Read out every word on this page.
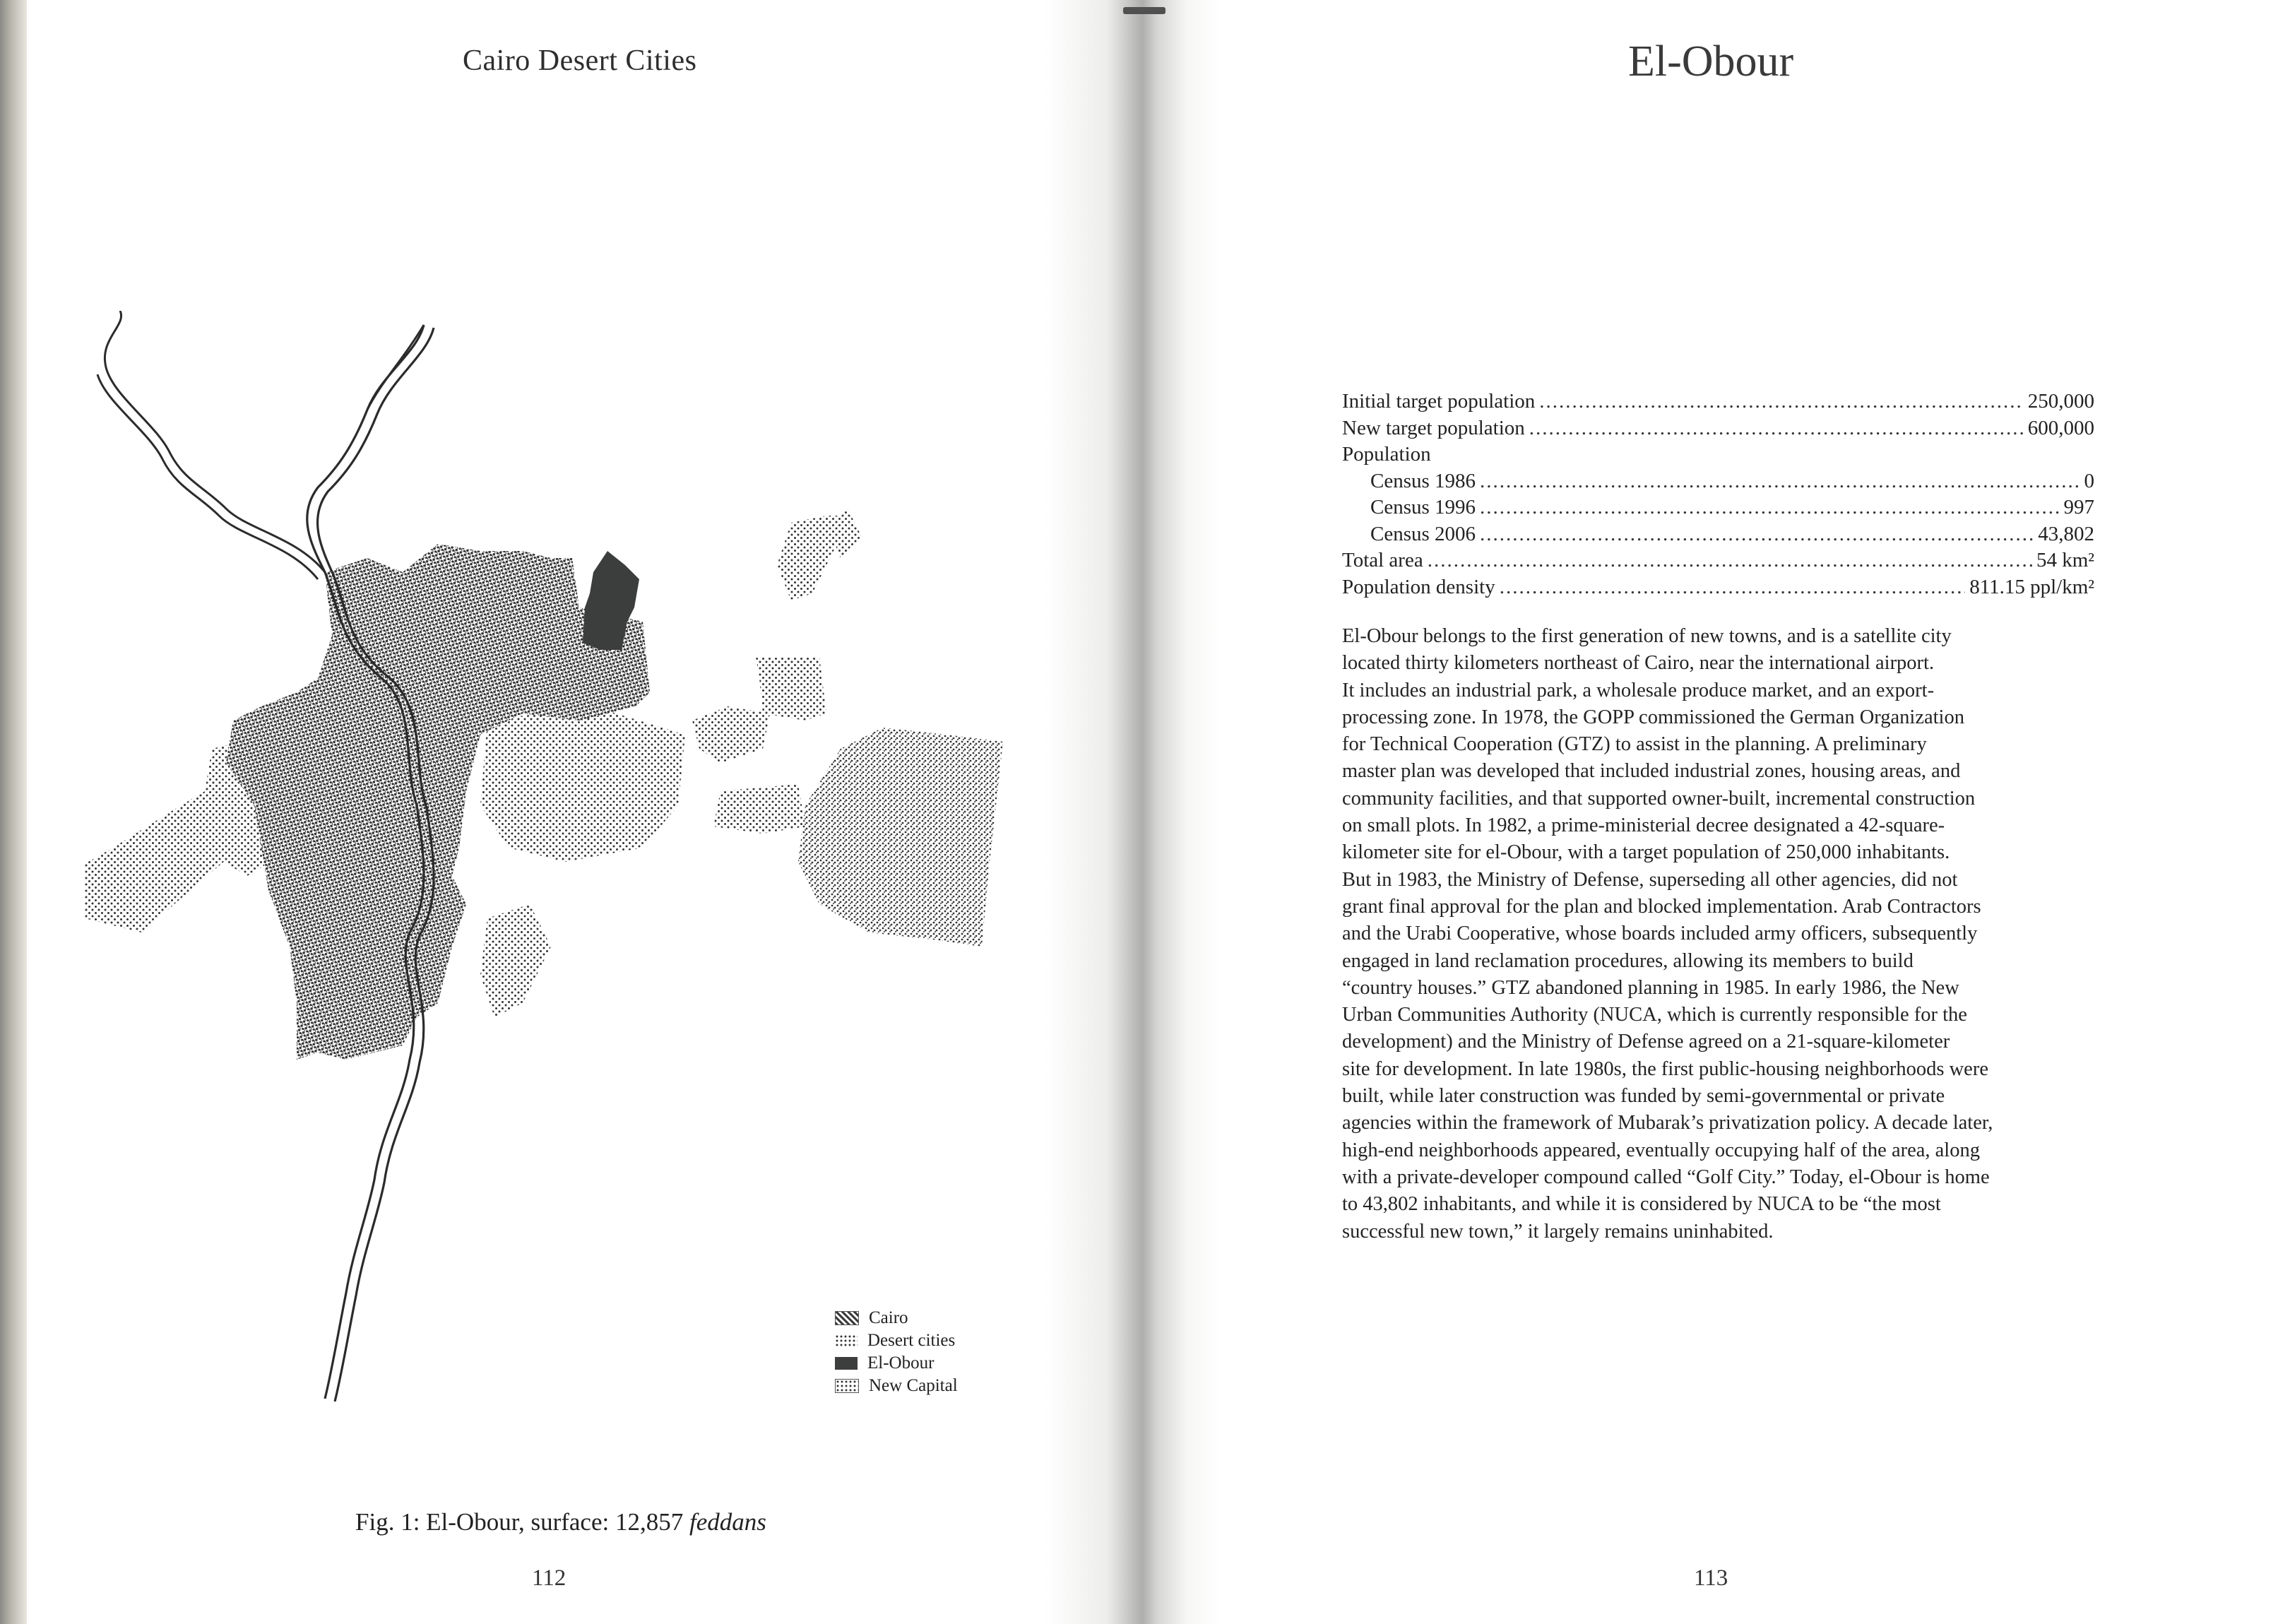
Cairo Desert Cities
Cairo
Desert cities
El-Obour
New Capital
Fig. 1: El-Obour, surface: 12,857 feddans
112
El-Obour
Initial target population .....	250,000
New target population .....	600,000
Population
Census 1986 .....	0
Census 1996 .....	997
Census 2006 .....	43,802
Total area .....	54 km²
Population density .....	811.15 ppl/km²

El-Obour belongs to the first generation of new towns, and is a satellite city

located thirty kilometers northeast of Cairo, near the international airport.

It includes an industrial park, a wholesale produce market, and an export-

processing zone. In 1978, the GOPP commissioned the German Organization

for Technical Cooperation (GTZ) to assist in the planning. A preliminary

master plan was developed that included industrial zones, housing areas, and

community facilities, and that supported owner-built, incremental construction

on small plots. In 1982, a prime-ministerial decree designated a 42-square-

kilometer site for el-Obour, with a target population of 250,000 inhabitants.

But in 1983, the Ministry of Defense, superseding all other agencies, did not

grant final approval for the plan and blocked implementation. Arab Contractors

and the Urabi Cooperative, whose boards included army officers, subsequently

engaged in land reclamation procedures, allowing its members to build

“country houses.” GTZ abandoned planning in 1985. In early 1986, the New

Urban Communities Authority (NUCA, which is currently responsible for the

development) and the Ministry of Defense agreed on a 21-square-kilometer

site for development. In late 1980s, the first public-housing neighborhoods were

built, while later construction was funded by semi-governmental or private

agencies within the framework of Mubarak’s privatization policy. A decade later,

high-end neighborhoods appeared, eventually occupying half of the area, along

with a private-developer compound called “Golf City.” Today, el-Obour is home

to 43,802 inhabitants, and while it is considered by NUCA to be “the most

successful new town,” it largely remains uninhabited.

113
